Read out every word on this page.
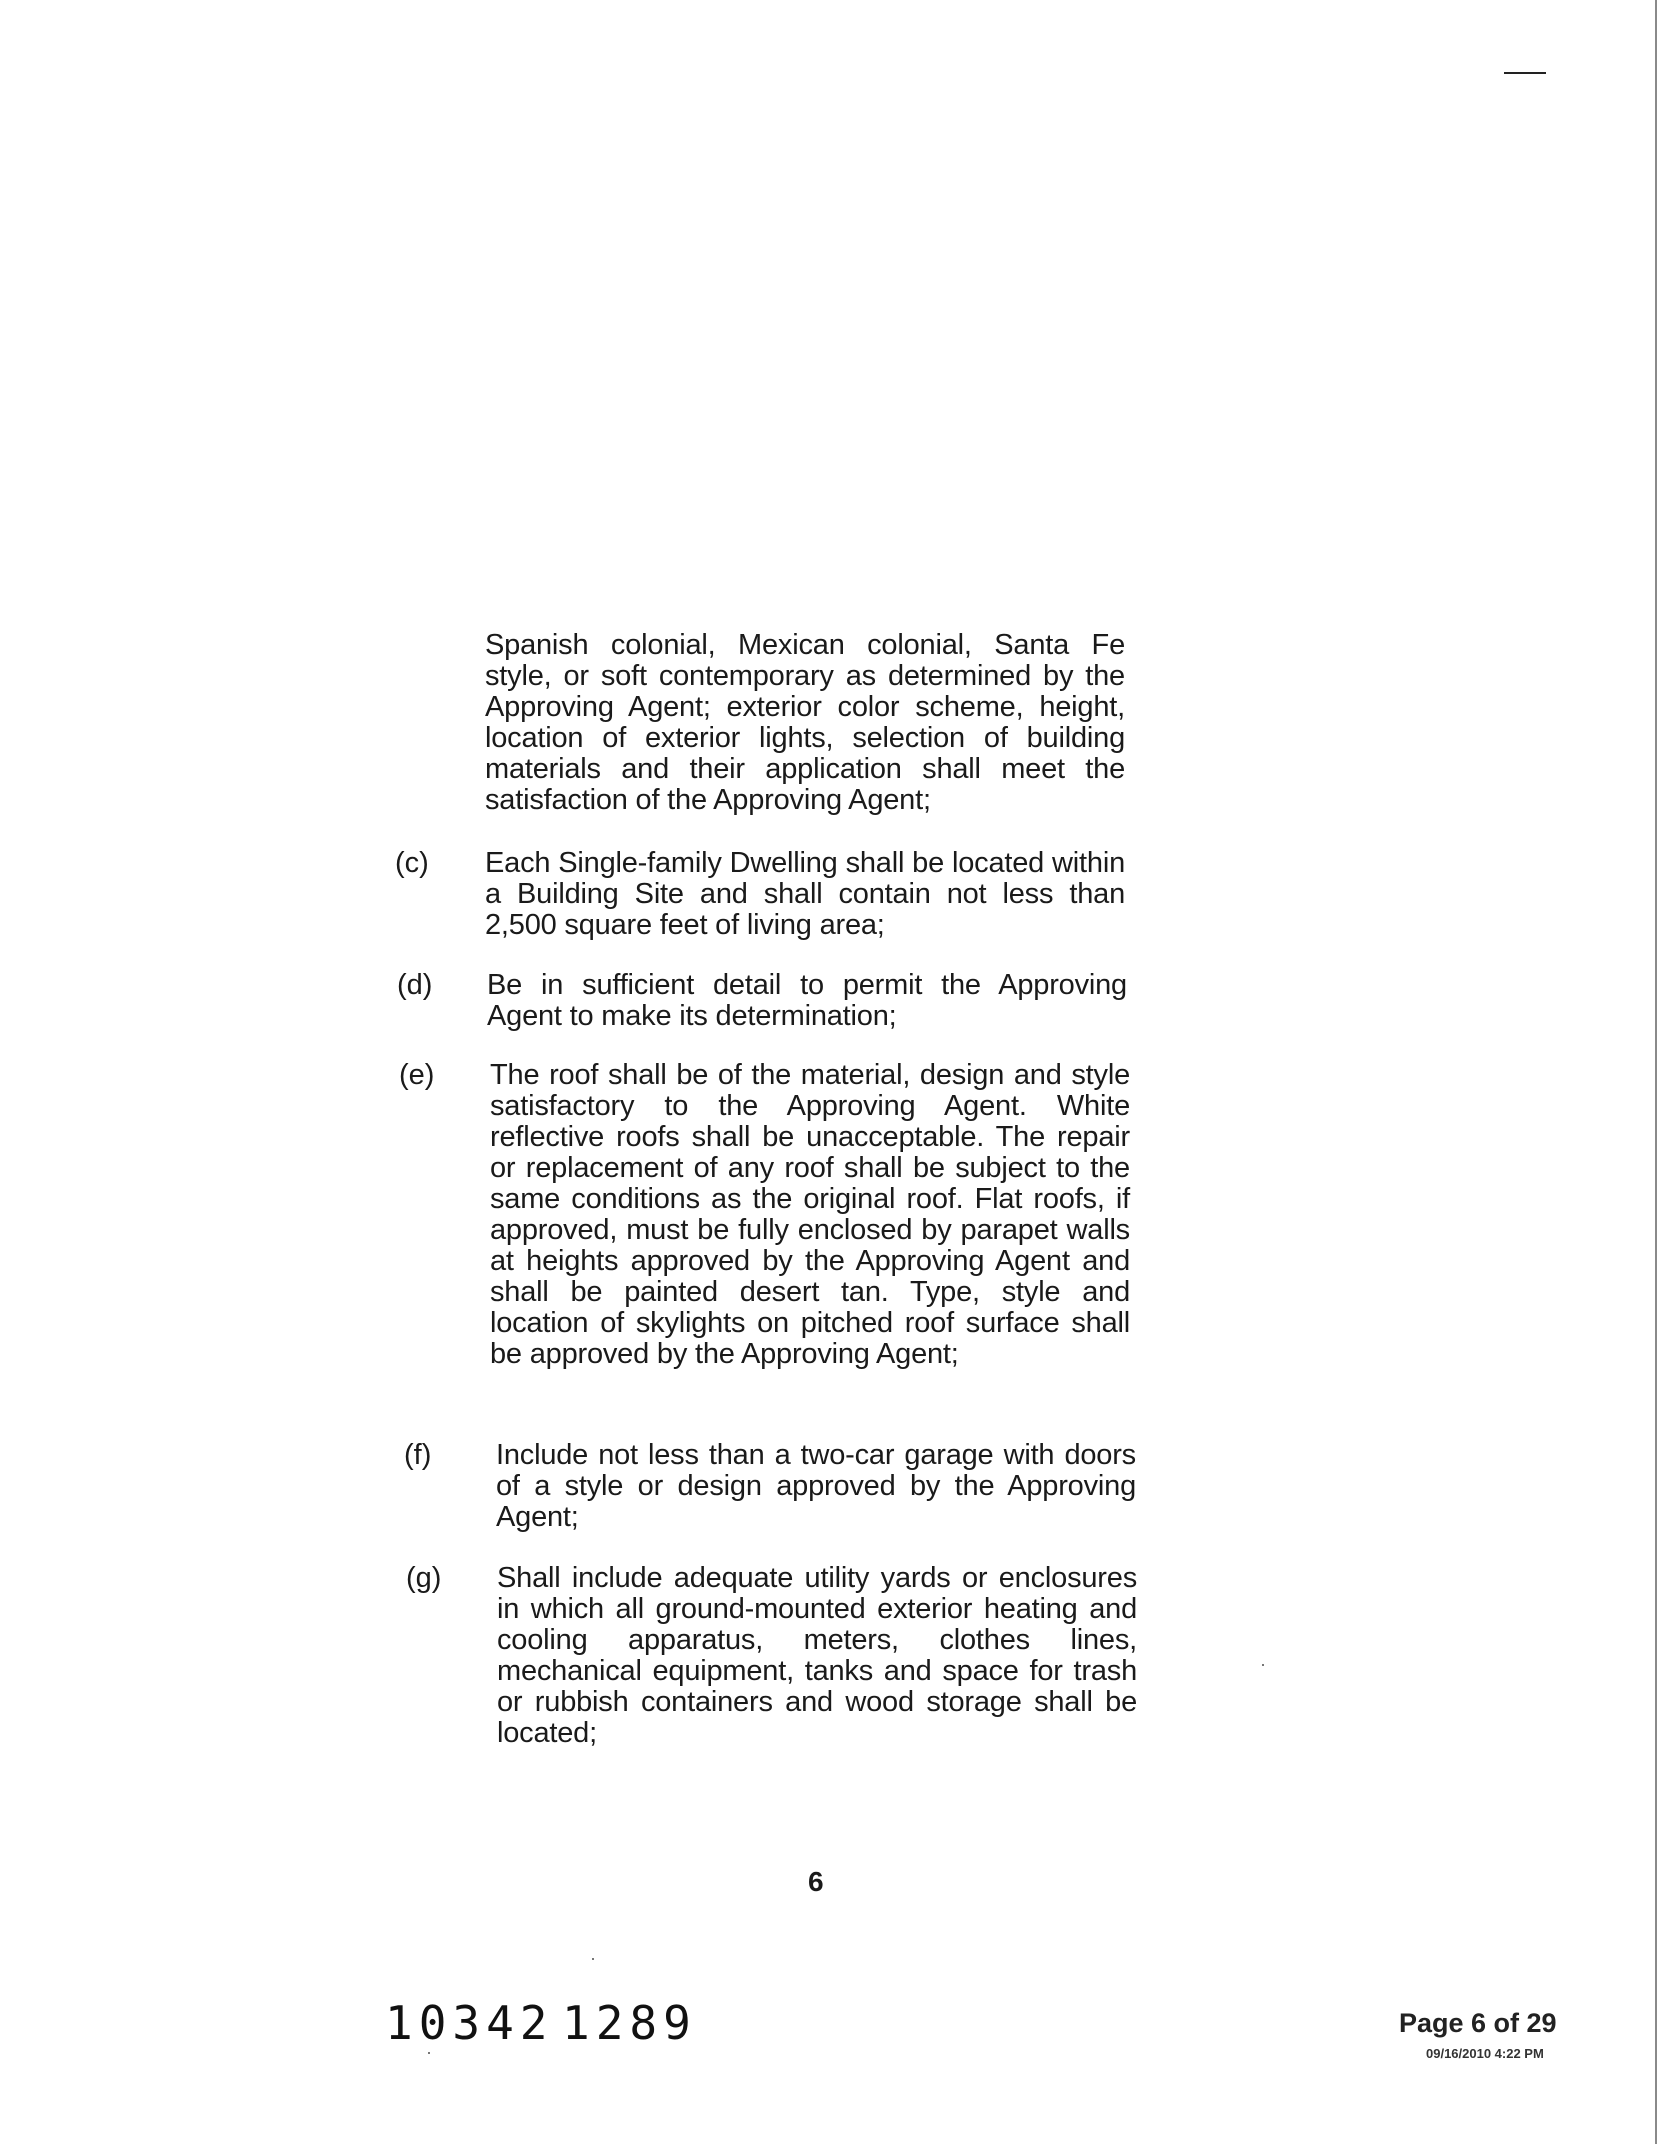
Spanish colonial, Mexican colonial, Santa Fe style, or soft contemporary as determined by the Approving Agent; exterior color scheme, height, location of exterior lights, selection of building materials and their application shall meet the satisfaction of the Approving Agent;
(c) Each Single-family Dwelling shall be located within a Building Site and shall contain not less than 2,500 square feet of living area;
(d) Be in sufficient detail to permit the Approving Agent to make its determination;
(e) The roof shall be of the material, design and style satisfactory to the Approving Agent. White reflective roofs shall be unacceptable. The repair or replacement of any roof shall be subject to the same conditions as the original roof. Flat roofs, if approved, must be fully enclosed by parapet walls at heights approved by the Approving Agent and shall be painted desert tan. Type, style and location of skylights on pitched roof surface shall be approved by the Approving Agent;
(f) Include not less than a two-car garage with doors of a style or design approved by the Approving Agent;
(g) Shall include adequate utility yards or enclosures in which all ground-mounted exterior heating and cooling apparatus, meters, clothes lines, mechanical equipment, tanks and space for trash or rubbish containers and wood storage shall be located;
6
10342 1289	Page 6 of 29
09/16/2010 4:22 PM
